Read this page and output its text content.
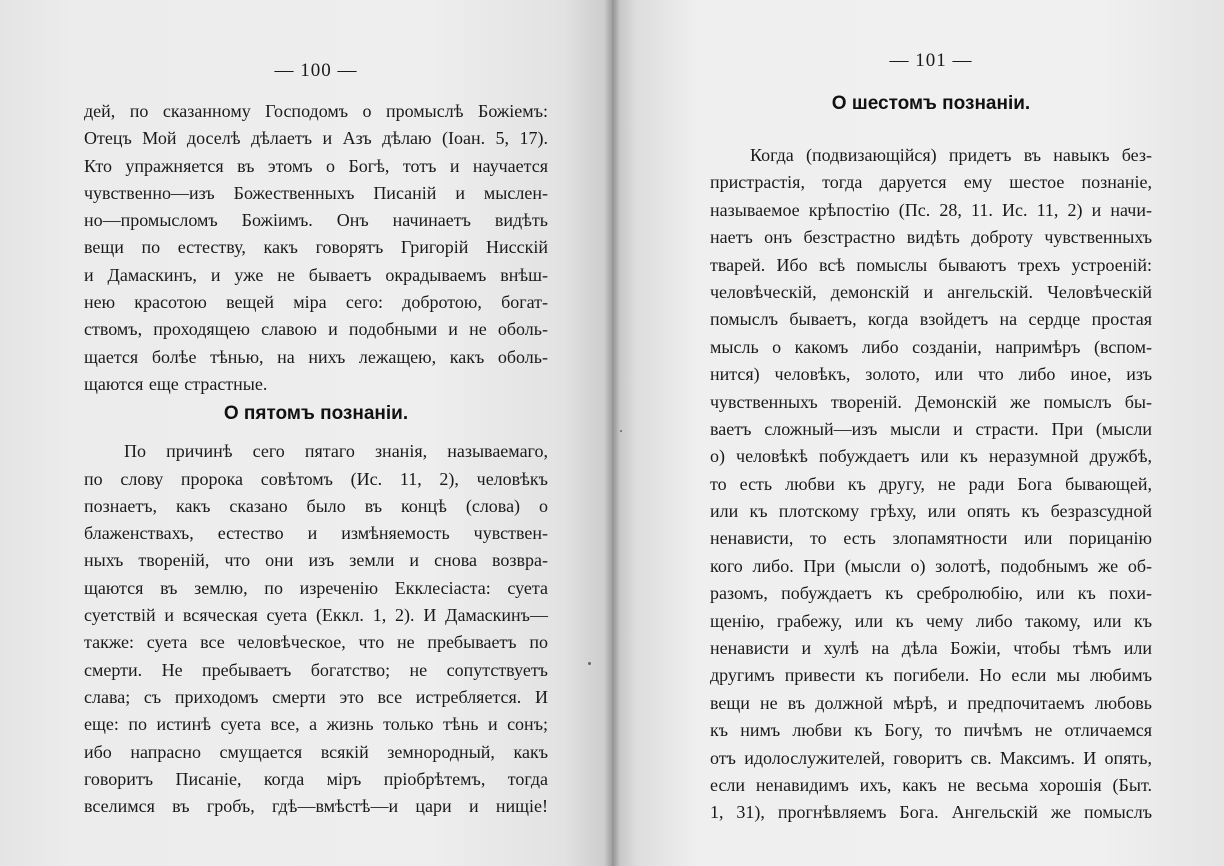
— 100 —
дей, по сказанному Господомъ о промыслѣ Божіемъ:
Отецъ Мой доселѣ дѣлаетъ и Азъ дѣлаю (Іоан. 5, 17).
Кто упражняется въ этомъ о Богѣ, тотъ и научается
чувственно—изъ Божественныхъ Писаній и мыслен-
но—промысломъ Божіимъ. Онъ начинаетъ видѣть
вещи по естеству, какъ говорятъ Григорій Нисскій
и Дамаскинъ, и уже не бываетъ окрадываемъ внѣш-
нею красотою вещей міра сего: добротою, богат-
ствомъ, проходящею славою и подобными и не оболь-
щается болѣе тѣнью, на нихъ лежащею, какъ оболь-
щаются еще страстные.
О пятомъ познаніи.
По причинѣ сего пятаго знанія, называемаго,
по слову пророка совѣтомъ (Ис. 11, 2), человѣкъ
познаетъ, какъ сказано было въ концѣ (слова) о
блаженствахъ, естество и измѣняемость чувствен-
ныхъ твореній, что они изъ земли и снова возвра-
щаются въ землю, по изреченію Екклесіаста: суета
суетствій и всяческая суета (Еккл. 1, 2). И Дамаскинъ—
также: суета все человѣческое, что не пребываетъ по
смерти. Не пребываетъ богатство; не сопутствуетъ
слава; съ приходомъ смерти это все истребляется. И
еще: по истинѣ суета все, а жизнь только тѣнь и сонъ;
ибо напрасно смущается всякій земнородный, какъ
говоритъ Писаніе, когда міръ пріобрѣтемъ, тогда
вселимся въ гробъ, гдѣ—вмѣстѣ—и цари и нищіе!
— 101 —
О шестомъ познаніи.
Когда (подвизающійся) придетъ въ навыкъ без-
пристрастія, тогда даруется ему шестое познаніе,
называемое крѣпостію (Пс. 28, 11. Ис. 11, 2) и начи-
наетъ онъ безстрастно видѣть доброту чувственныхъ
тварей. Ибо всѣ помыслы бываютъ трехъ устроеній:
человѣческій, демонскій и ангельскій. Человѣческій
помыслъ бываетъ, когда взойдетъ на сердце простая
мысль о какомъ либо созданіи, напримѣръ (вспом-
нится) человѣкъ, золото, или что либо иное, изъ
чувственныхъ твореній. Демонскій же помыслъ бы-
ваетъ сложный—изъ мысли и страсти. При (мысли
о) человѣкѣ побуждаетъ или къ неразумной дружбѣ,
то есть любви къ другу, не ради Бога бывающей,
или къ плотскому грѣху, или опять къ безразсудной
ненависти, то есть злопамятности или порицанію
кого либо. При (мысли о) золотѣ, подобнымъ же об-
разомъ, побуждаетъ къ сребролюбію, или къ похи-
щенію, грабежу, или къ чему либо такому, или къ
ненависти и хулѣ на дѣла Божіи, чтобы тѣмъ или
другимъ привести къ погибели. Но если мы любимъ
вещи не въ должной мѣрѣ, и предпочитаемъ любовь
къ нимъ любви къ Богу, то пичѣмъ не отличаемся
отъ идолослужителей, говоритъ св. Максимъ. И опять,
если ненавидимъ ихъ, какъ не весьма хорошія (Быт.
1, 31), прогнѣвляемъ Бога. Ангельскій же помыслъ
